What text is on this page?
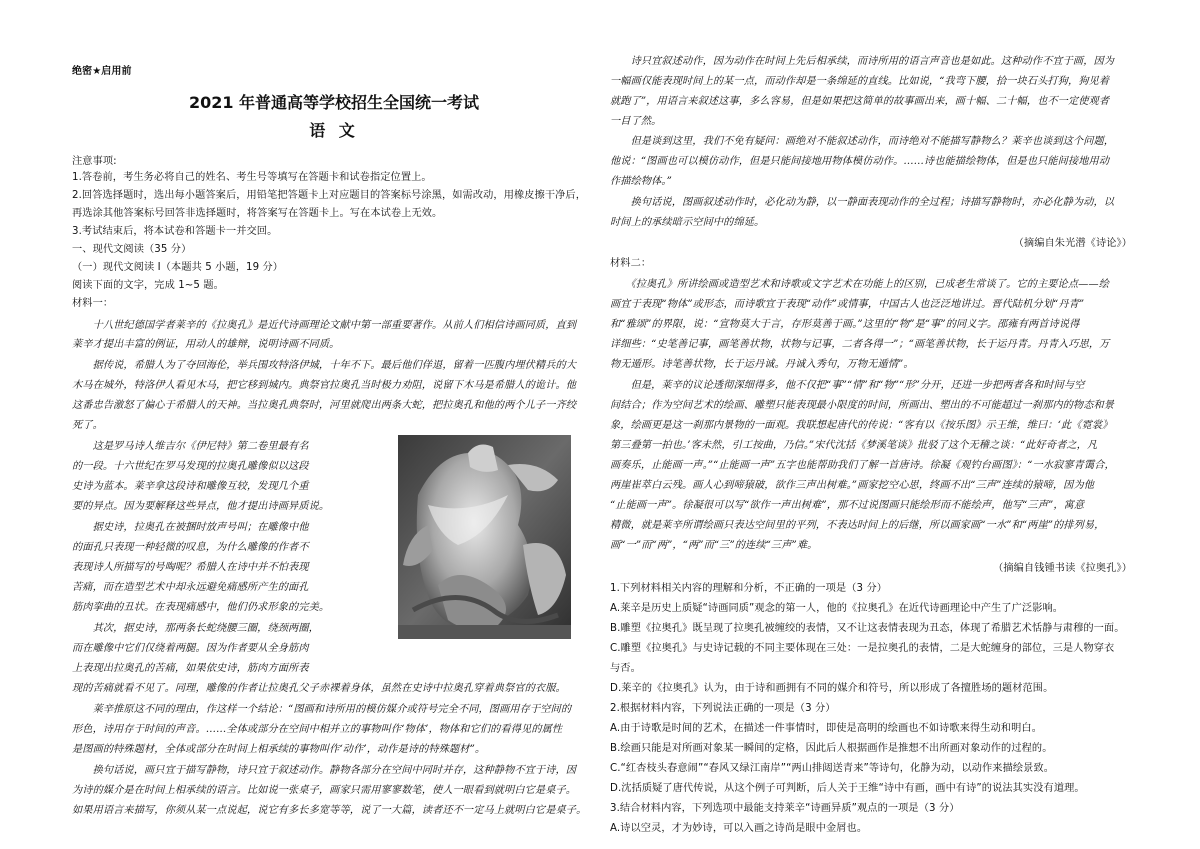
绝密★启用前
2021 年普通高等学校招生全国统一考试
语 文
注意事项:
1.答卷前，考生务必将自己的姓名、考生号等填写在答题卡和试卷指定位置上。
2.回答选择题时，选出每小题答案后，用铅笔把答题卡上对应题目的答案标号涂黑，如需改动，用橡皮擦干净后，
再选涂其他答案标号回答非选择题时，将答案写在答题卡上。写在本试卷上无效。
3.考试结束后，将本试卷和答题卡一并交回。
一、现代文阅读（35 分）
（一）现代文阅读 I（本题共 5 小题，19 分）
阅读下面的文字，完成 1~5 题。
材料一：
　　十八世纪德国学者莱辛的《拉奥孔》是近代诗画理论文献中第一部重要著作。从前人们相信诗画同质，直到
莱辛才提出丰富的例证，用动人的雄辩，说明诗画不同质。
　　据传说，希腊人为了夺回海伦，举兵围攻特洛伊城，十年不下。最后他们佯退，留着一匹腹内埋伏精兵的大
木马在城外，特洛伊人看见木马，把它移到城内。典祭官拉奥孔当时极力劝阻，说留下木马是希腊人的诡计。他
这番忠告激怒了偏心于希腊人的天神。当拉奥孔典祭时，河里就爬出两条大蛇，把拉奥孔和他的两个儿子一齐绞
死了。
　　这是罗马诗人维吉尔《伊尼特》第二卷里最有名
的一段。十六世纪在罗马发现的拉奥孔雕像似以这段
史诗为蓝本。莱辛拿这段诗和雕像互较，发现几个重
要的异点。因为要解释这些异点，他才提出诗画异质说。
　　据史诗，拉奥孔在被捆时放声号叫；在雕像中他
的面孔只表现一种轻微的叹息，为什么雕像的作者不
表现诗人所描写的号啕呢？希腊人在诗中并不怕表现
苦痛，而在造型艺术中却永远避免痛感所产生的面孔
筋肉挛曲的丑状。在表现痛感中，他们仍求形象的完美。
　　其次，据史诗，那两条长蛇绕腰三圈，绕颈两圈，
而在雕像中它们仅绕着两腿。因为作者要从全身筋肉
上表现出拉奥孔的苦痛，如果依史诗，筋肉方面所表
现的苦痛就看不见了。同理，雕像的作者让拉奥孔父子赤裸着身体，虽然在史诗中拉奥孔穿着典祭官的衣服。
　　莱辛推原这不同的理由，作这样一个结论：“图画和诗所用的模仿媒介或符号完全不同，图画用存于空间的
形色，诗用存于时间的声音。……全体或部分在空间中相并立的事物叫作‘物体’，物体和它们的看得见的属性
是图画的特殊题材，全体或部分在时间上相承续的事物叫作‘动作’，动作是诗的特殊题材”。
　　换句话说，画只宜于描写静物，诗只宜于叙述动作。静物各部分在空间中同时并存，这种静物不宜于诗，因
为诗的媒介是在时间上相承续的语言。比如说一张桌子，画家只需用寥寥数笔，使人一眼看到就明白它是桌子。
如果用语言来描写，你须从某一点说起，说它有多长多宽等等，说了一大篇，读者还不一定马上就明白它是桌子。
　　诗只宜叙述动作，因为动作在时间上先后相承续，而诗所用的语言声音也是如此。这种动作不宜于画，因为
一幅画仅能表现时间上的某一点，而动作却是一条绵延的直线。比如说，“我弯下腰，拾一块石头打狗，狗见着
就跑了”，用语言来叙述这事，多么容易，但是如果把这简单的故事画出来，画十幅、二十幅，也不一定使观者
一目了然。
　　但是谈到这里，我们不免有疑问：画绝对不能叙述动作，而诗绝对不能描写静物么？莱辛也谈到这个问题，
他说：“图画也可以模仿动作，但是只能间接地用物体模仿动作。……诗也能描绘物体，但是也只能间接地用动
作描绘物体。”
　　换句话说，图画叙述动作时，必化动为静，以一静面表现动作的全过程；诗描写静物时，亦必化静为动，以
时间上的承续暗示空间中的绵延。
（摘编自朱光潜《诗论》）
材料二：
　　《拉奥孔》所讲绘画或造型艺术和诗歌或文字艺术在功能上的区别，已成老生常谈了。它的主要论点——绘
画宜于表现“物体”或形态，而诗歌宜于表现“动作”或情事，中国古人也泛泛地讲过。晋代陆机分划“丹青”
和“雅颂”的界限，说：“宣物莫大于言，存形莫善于画。”这里的“物”是“事”的同义字。邵雍有两首诗说得
详细些：“史笔善记事，画笔善状物，状物与记事，二者各得一”；“画笔善状物，长于运丹青。丹青入巧思，万
物无遁形。诗笔善状物，长于运丹诚。丹诚入秀句，万物无遁情”。
　　但是，莱辛的议论透彻深细得多，他不仅把“事”“情”和“物”“形”分开，还进一步把两者各和时间与空
间结合；作为空间艺术的绘画、雕塑只能表现最小限度的时间，所画出、塑出的不可能超过一刹那内的物态和景
象，绘画更是这一刹那内景物的一面观。我联想起唐代的传说：“客有以《按乐图》示王维，维曰：‘此《霓裳》
第三叠第一拍也。’客未然，引工按曲，乃信。”宋代沈括《梦溪笔谈》批驳了这个无稽之谈：“此好奇者之，凡
画奏乐，止能画一声。”“止能画一声”五字也能帮助我们了解一首唐诗。徐凝《观钓台画图》：“一水寂寥青霭合，
两崖崔萃白云残。画人心到啼猿破，欲作三声出树难。”画家挖空心思，终画不出“三声”连续的猿啼，因为他
“止能画一声”。徐凝很可以写“欲作一声出树难”，那不过说图画只能绘形而不能绘声，他写“三声”，寓意
精微，就是莱辛所谓绘画只表达空间里的平列，不表达时间上的后继，所以画家画“一水”和“两崖”的排列易，
画“一”而“两”，“两”而“三”的连续“三声”难。
（摘编自钱锺书读《拉奥孔》）
1.下列材料相关内容的理解和分析，不正确的一项是（3 分）
A.莱辛是历史上质疑“诗画同质”观念的第一人，他的《拉奥孔》在近代诗画理论中产生了广泛影响。
B.雕塑《拉奥孔》既呈现了拉奥孔被缠绞的表情，又不让这表情表现为丑态，体现了希腊艺术恬静与肃穆的一面。
C.雕塑《拉奥孔》与史诗记载的不同主要体现在三处：一是拉奥孔的表情，二是大蛇缠身的部位，三是人物穿衣
与否。
D.莱辛的《拉奥孔》认为，由于诗和画拥有不同的媒介和符号，所以形成了各擅胜场的题材范围。
2.根据材料内容，下列说法正确的一项是（3 分）
A.由于诗歌是时间的艺术，在描述一件事情时，即使是高明的绘画也不如诗歌来得生动和明白。
B.绘画只能是对所画对象某一瞬间的定格，因此后人根据画作是推想不出所画对象动作的过程的。
C.“红杏枝头春意闹”“春风又绿江南岸”“两山排闼送青来”等诗句，化静为动，以动作来描绘景致。
D.沈括质疑了唐代传说，从这个例子可判断，后人关于王维“诗中有画，画中有诗”的说法其实没有道理。
3.结合材料内容，下列选项中最能支持莱辛“诗画异质”观点的一项是（3 分）
A.诗以空灵，才为妙诗，可以入画之诗尚是眼中金屑也。
